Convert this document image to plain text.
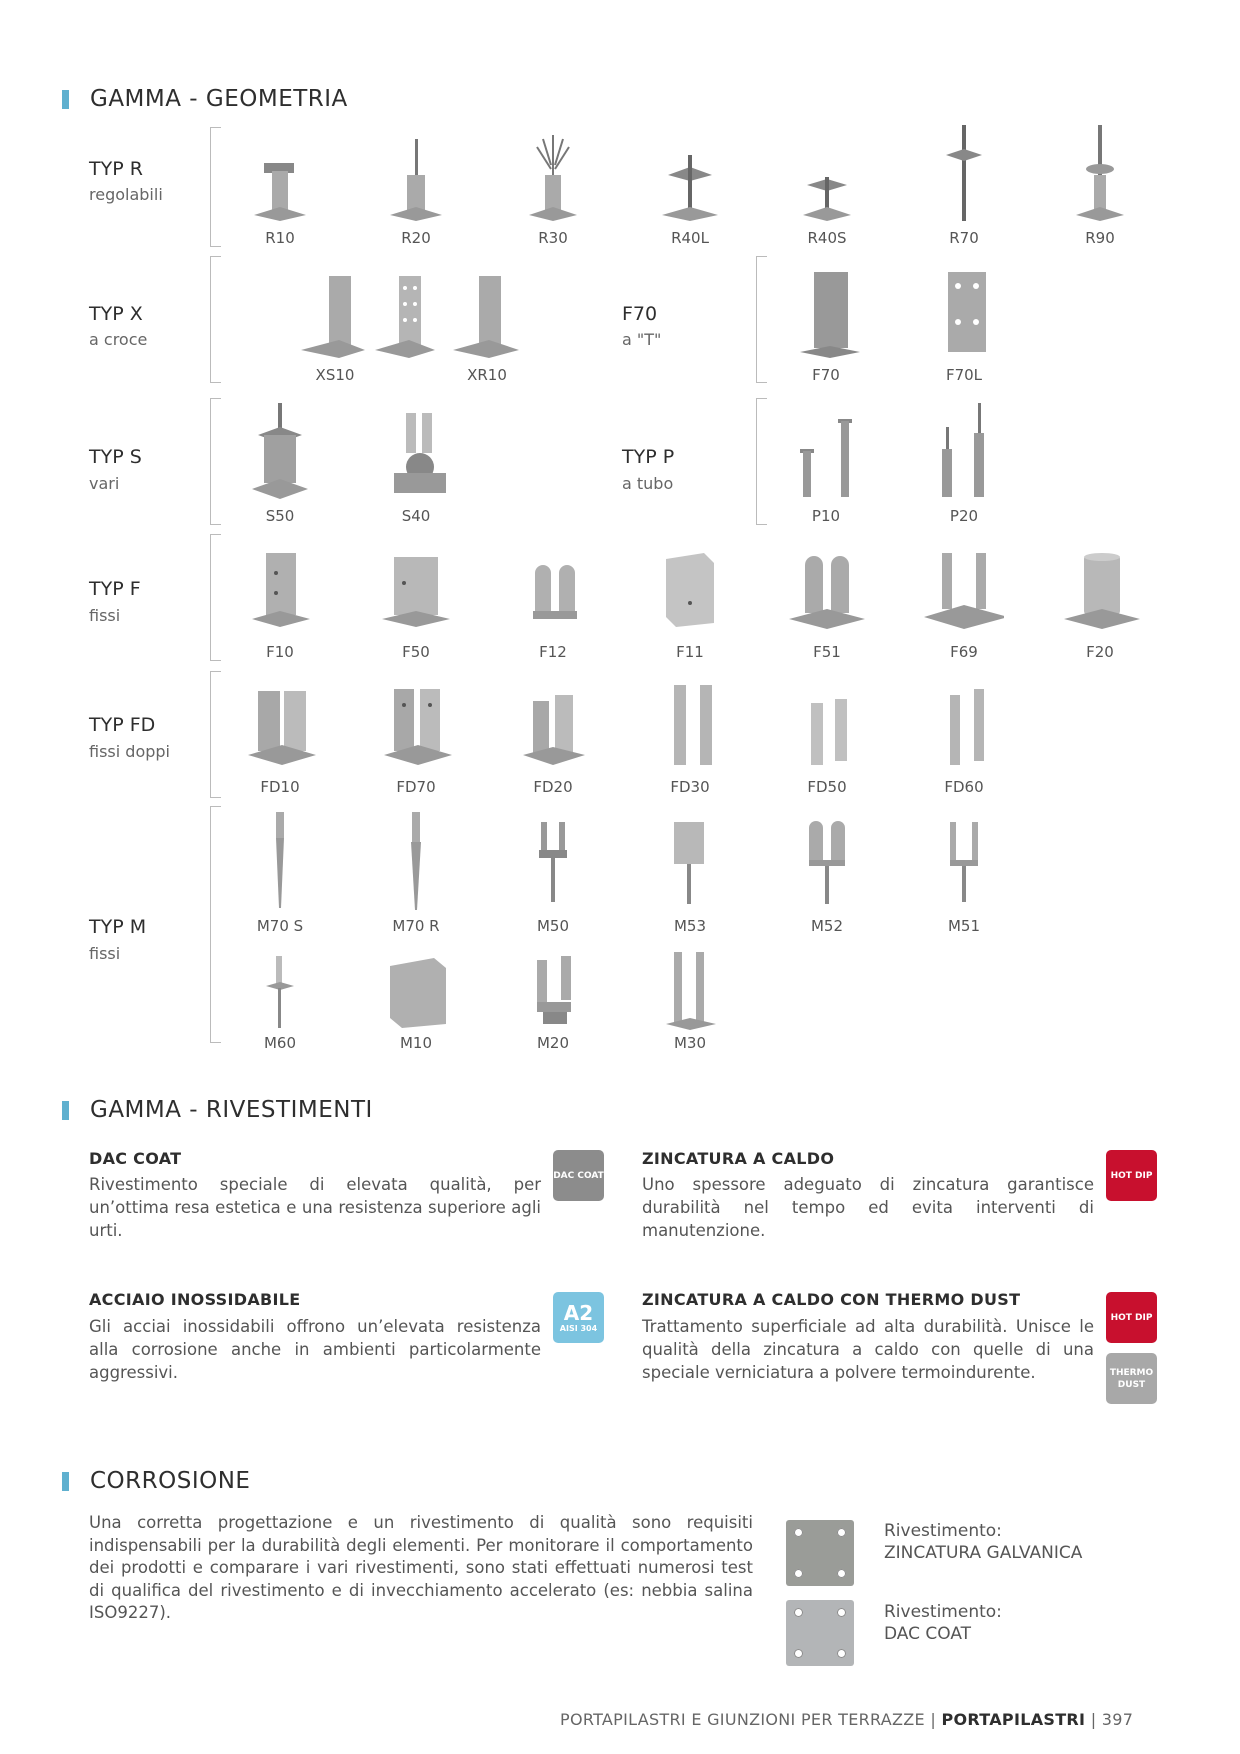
GAMMA - GEOMETRIA
TYP R
regolabili
R10	R20	R30	R40L	R40S	R70	R90
TYP X
a croce
XS10	XR10
F70
a "T"
F70	F70L
TYP S
vari
S50	S40
TYP P
a tubo
P10	P20
TYP F
fissi
F10	F50	F12	F11	F51	F69	F20
TYP FD
fissi doppi
FD10	FD70	FD20	FD30	FD50	FD60
TYP M
fissi
M70 S	M70 R	M50	M53	M52	M51
M60	M10	M20	M30
GAMMA - RIVESTIMENTI
DAC COAT
Rivestimento speciale di elevata qualità, per un’ottima resa estetica e una resistenza superiore agli urti.
DAC COAT
ZINCATURA A CALDO
Uno spessore adeguato di zincatura garantisce durabilità nel tempo ed evita interventi di manutenzione.
HOT DIP
ACCIAIO INOSSIDABILE
Gli acciai inossidabili offrono un’elevata resistenza alla corrosione anche in ambienti particolarmente aggressivi.
A2
AISI 304
ZINCATURA A CALDO CON THERMO DUST
Trattamento superficiale ad alta durabilità. Unisce le qualità della zincatura a caldo con quelle di una speciale verniciatura a polvere termoindurente.
HOT DIP
THERMO
DUST
CORROSIONE
Una corretta progettazione e un rivestimento di qualità sono requisiti indispensabili per la durabilità degli elementi. Per monitorare il comportamento dei prodotti e comparare i vari rivestimenti, sono stati effettuati numerosi test di qualifica del rivestimento e di invecchiamento accelerato (es: nebbia salina ISO9227).
Rivestimento:
ZINCATURA GALVANICA
Rivestimento:
DAC COAT
PORTAPILASTRI E GIUNZIONI PER TERRAZZE | PORTAPILASTRI | 397
